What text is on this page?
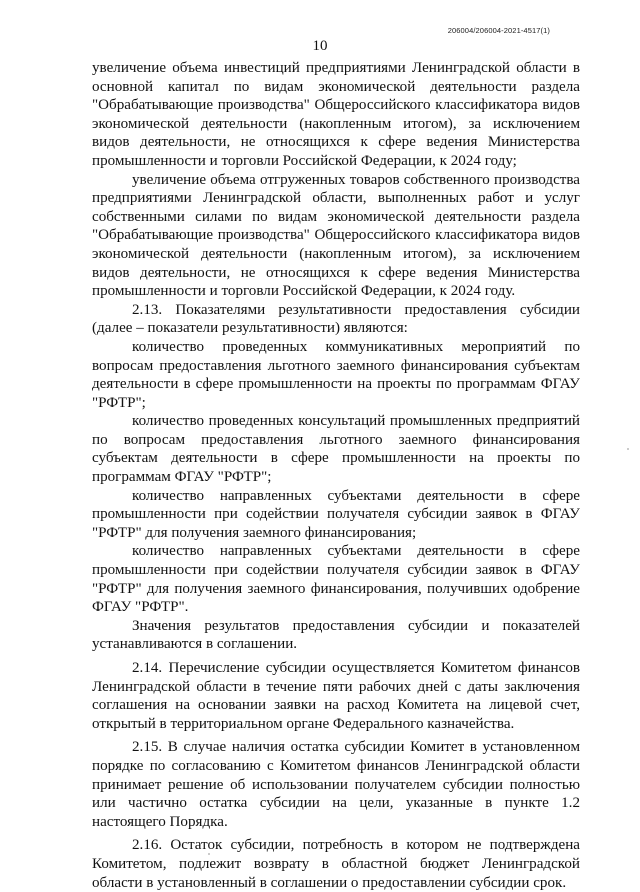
206004/206004-2021-4517(1)
10

увеличение объема инвестиций предприятиями Ленинградской области в основной капитал по видам экономической деятельности раздела "Обрабатывающие производства" Общероссийского классификатора видов экономической деятельности (накопленным итогом), за исключением видов деятельности, не относящихся к сфере ведения Министерства промышленности и торговли Российской Федерации, к 2024 году;

увеличение объема отгруженных товаров собственного производства предприятиями Ленинградской области, выполненных работ и услуг собственными силами по видам экономической деятельности раздела "Обрабатывающие производства" Общероссийского классификатора видов экономической деятельности (накопленным итогом), за исключением видов деятельности, не относящихся к сфере ведения Министерства промышленности и торговли Российской Федерации, к 2024 году.

2.13. Показателями результативности предоставления субсидии (далее – показатели результативности) являются:

количество проведенных коммуникативных мероприятий по вопросам предоставления льготного заемного финансирования субъектам деятельности в сфере промышленности на проекты по программам ФГАУ "РФТР";

количество проведенных консультаций промышленных предприятий по вопросам предоставления льготного заемного финансирования субъектам деятельности в сфере промышленности на проекты по программам ФГАУ "РФТР";

количество направленных субъектами деятельности в сфере промышленности при содействии получателя субсидии заявок в ФГАУ "РФТР" для получения заемного финансирования;

количество направленных субъектами деятельности в сфере промышленности при содействии получателя субсидии заявок в ФГАУ "РФТР" для получения заемного финансирования, получивших одобрение ФГАУ "РФТР".

Значения результатов предоставления субсидии и показателей устанавливаются в соглашении.

2.14. Перечисление субсидии осуществляется Комитетом финансов Ленинградской области в течение пяти рабочих дней с даты заключения соглашения на основании заявки на расход Комитета на лицевой счет, открытый в территориальном органе Федерального казначейства.

2.15. В случае наличия остатка субсидии Комитет в установленном порядке по согласованию с Комитетом финансов Ленинградской области принимает решение об использовании получателем субсидии полностью или частично остатка субсидии на цели, указанные в пункте 1.2 настоящего Порядка.

2.16. Остаток субсидии, потребность в котором не подтверждена Комитетом, подлежит возврату в областной бюджет Ленинградской области в установленный в соглашении о предоставлении субсидии срок.
